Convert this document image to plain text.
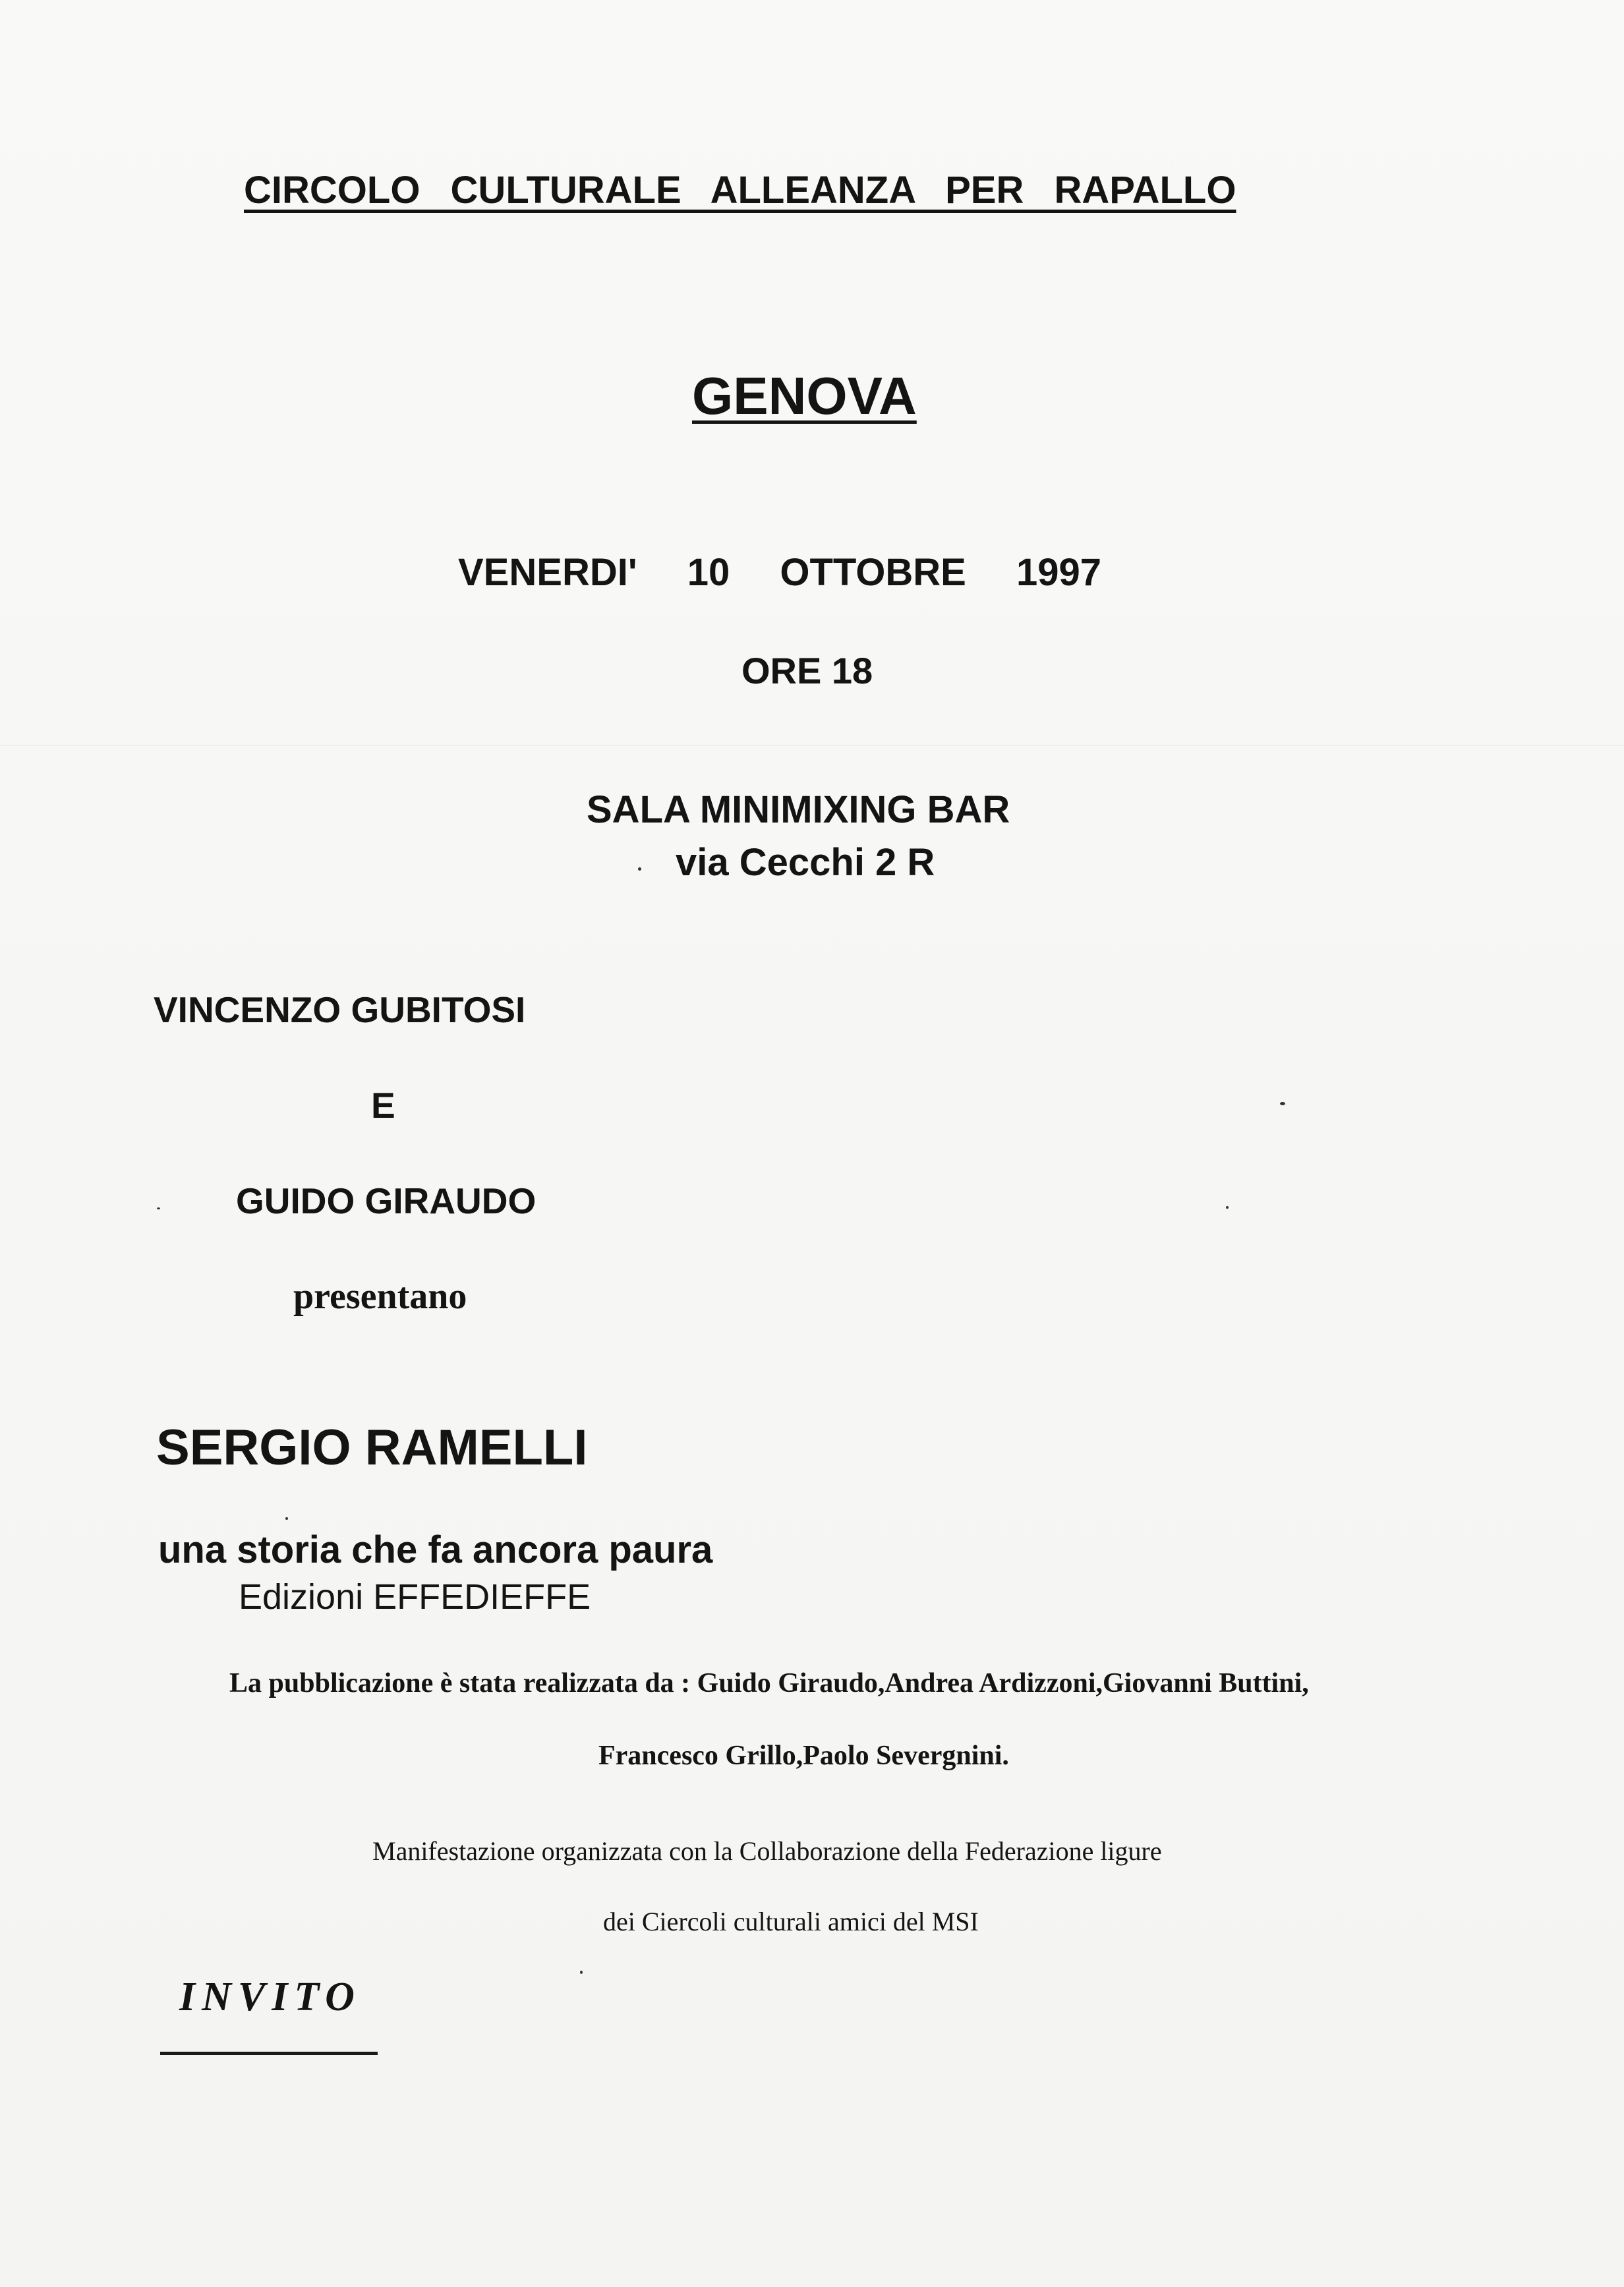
CIRCOLO CULTURALE ALLEANZA PER RAPALLO
GENOVA
VENERDI' 10 OTTOBRE 1997
ORE 18
SALA MINIMIXING BAR
via Cecchi 2 R
VINCENZO GUBITOSI
E
GUIDO GIRAUDO
presentano
SERGIO RAMELLI
una storia che fa ancora paura
Edizioni EFFEDIEFFE
La pubblicazione è stata realizzata da : Guido Giraudo,Andrea Ardizzoni,Giovanni Buttini,
Francesco Grillo,Paolo Severgnini.
Manifestazione organizzata con la Collaborazione della Federazione ligure
dei Ciercoli culturali amici del MSI
INVITO
